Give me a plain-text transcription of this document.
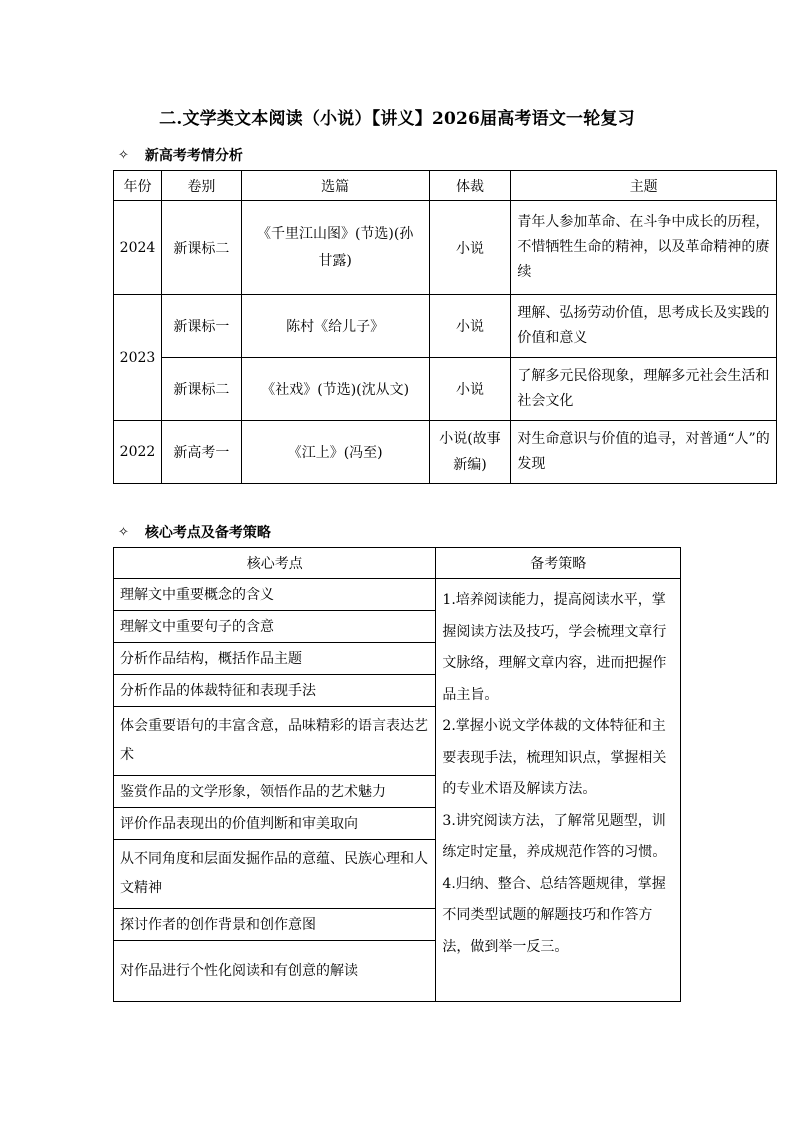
二.文学类文本阅读（小说）【讲义】2026届高考语文一轮复习
✧ 新高考考情分析
年份	卷别	选篇	体裁	主题
2024	新课标二	《千里江山图》(节选)(孙甘露)	小说	青年人参加革命、在斗争中成长的历程，不惜牺牲生命的精神，以及革命精神的赓续
2023	新课标一	陈村《给儿子》	小说	理解、弘扬劳动价值，思考成长及实践的价值和意义
	新课标二	《社戏》(节选)(沈从文)	小说	了解多元民俗现象，理解多元社会生活和社会文化
2022	新高考一	《江上》(冯至)	小说(故事新编)	对生命意识与价值的追寻，对普通“人”的发现
✧ 核心考点及备考策略
核心考点	备考策略
理解文中重要概念的含义	1.培养阅读能力，提高阅读水平，掌握阅读方法及技巧，学会梳理文章行文脉络，理解文章内容，进而把握作品主旨。
2.掌握小说文学体裁的文体特征和主要表现手法，梳理知识点，掌握相关的专业术语及解读方法。
3.讲究阅读方法，了解常见题型，训练定时定量，养成规范作答的习惯。
4.归纳、整合、总结答题规律，掌握不同类型试题的解题技巧和作答方法，做到举一反三。

理解文中重要句子的含意	
分析作品结构，概括作品主题	
分析作品的体裁特征和表现手法	
体会重要语句的丰富含意，品味精彩的语言表达艺术	
鉴赏作品的文学形象，领悟作品的艺术魅力	
评价作品表现出的价值判断和审美取向	
从不同角度和层面发掘作品的意蕴、民族心理和人文精神	
探讨作者的创作背景和创作意图	
对作品进行个性化阅读和有创意的解读	
